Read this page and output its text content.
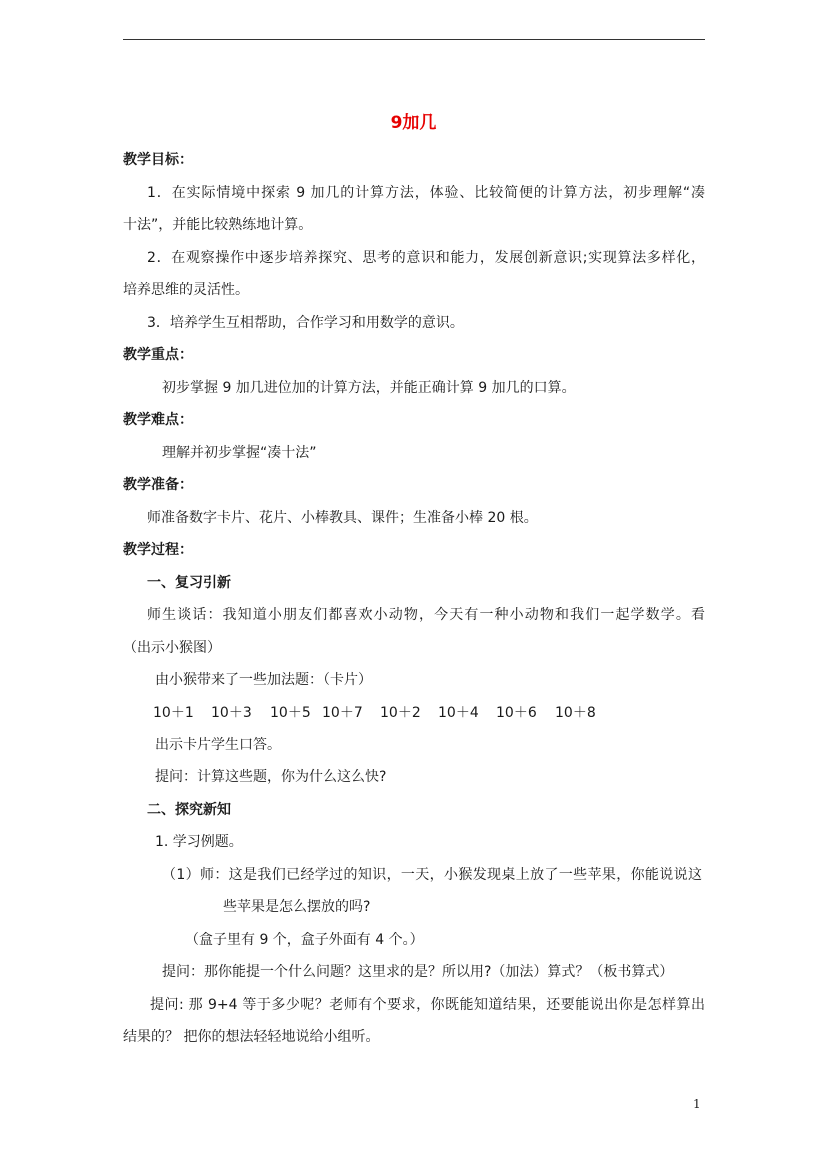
9加几
教学目标：
1．在实际情境中探索 9 加几的计算方法，体验、比较简便的计算方法，初步理解“凑
十法”，并能比较熟练地计算。
2．在观察操作中逐步培养探究、思考的意识和能力，发展创新意识;实现算法多样化，
培养思维的灵活性。
3．培养学生互相帮助，合作学习和用数学的意识。
教学重点：
初步掌握 9 加几进位加的计算方法，并能正确计算 9 加几的口算。
教学难点：
理解并初步掌握“凑十法”
教学准备：
师准备数字卡片、花片、小棒教具、课件；生准备小棒 20 根。
教学过程：
一、复习引新
师生谈话：我知道小朋友们都喜欢小动物，今天有一种小动物和我们一起学数学。看
（出示小猴图）
由小猴带来了一些加法题：（卡片）
10＋1 10＋3 10＋5 10＋7 10＋2 10＋4 10＋6 10＋8
出示卡片学生口答。
提问：计算这些题，你为什么这么快?
二、探究新知
1. 学习例题。
（1）师：这是我们已经学过的知识，一天，小猴发现桌上放了一些苹果，你能说说这
些苹果是怎么摆放的吗?
（盒子里有 9 个，盒子外面有 4 个。）
提问：那你能提一个什么问题？这里求的是？所以用?（加法）算式？（板书算式）
提问: 那 9+4 等于多少呢？老师有个要求，你既能知道结果，还要能说出你是怎样算出
结果的？ 把你的想法轻轻地说给小组听。
1
